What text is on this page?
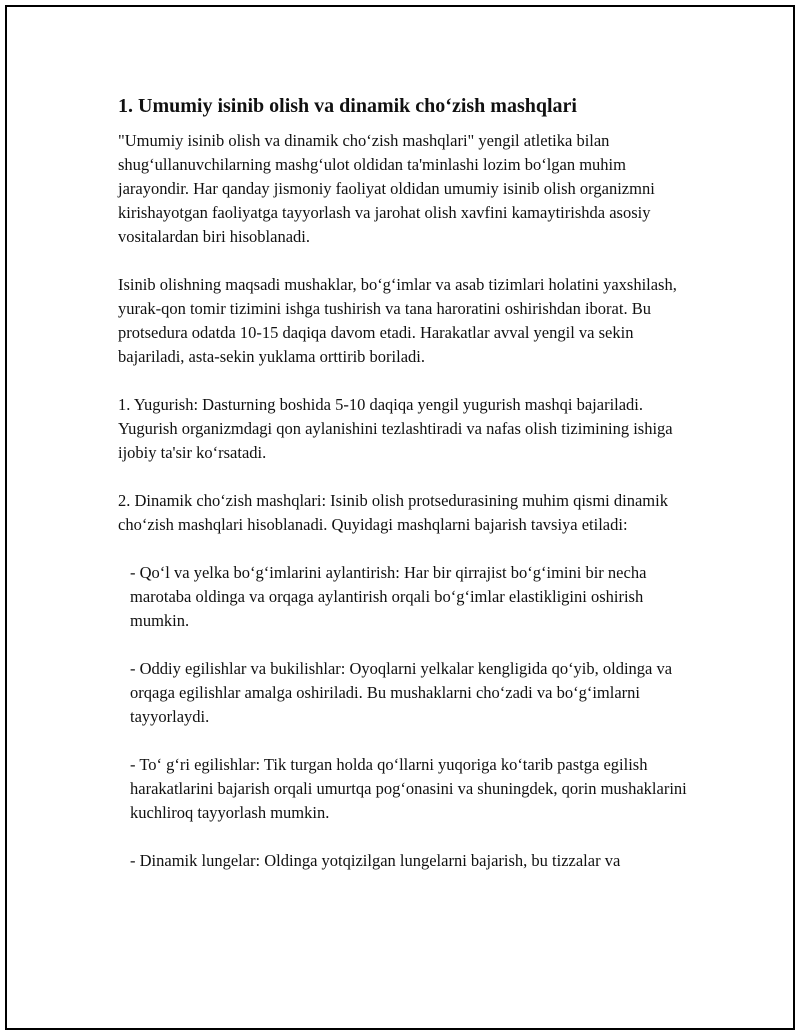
1. Umumiy isinib olish va dinamik cho‘zish mashqlari

"Umumiy isinib olish va dinamik cho‘zish mashqlari" yengil atletika bilan shug‘ullanuvchilarning mashg‘ulot oldidan ta'minlashi lozim bo‘lgan muhim jarayondir. Har qanday jismoniy faoliyat oldidan umumiy isinib olish organizmni kirishayotgan faoliyatga tayyorlash va jarohat olish xavfini kamaytirishda asosiy vositalardan biri hisoblanadi.

Isinib olishning maqsadi mushaklar, bo‘g‘imlar va asab tizimlari holatini yaxshilash, yurak-qon tomir tizimini ishga tushirish va tana haroratini oshirishdan iborat. Bu protsedura odatda 10-15 daqiqa davom etadi. Harakatlar avval yengil va sekin bajariladi, asta-sekin yuklama orttirib boriladi.

1. Yugurish: Dasturning boshida 5-10 daqiqa yengil yugurish mashqi bajariladi. Yugurish organizmdagi qon aylanishini tezlashtiradi va nafas olish tizimining ishiga ijobiy ta'sir ko‘rsatadi.

2. Dinamik cho‘zish mashqlari: Isinib olish protsedurasining muhim qismi dinamik cho‘zish mashqlari hisoblanadi. Quyidagi mashqlarni bajarish tavsiya etiladi:

- Qo‘l va yelka bo‘g‘imlarini aylantirish: Har bir qirrajist bo‘g‘imini bir necha marotaba oldinga va orqaga aylantirish orqali bo‘g‘imlar elastikligini oshirish mumkin.

- Oddiy egilishlar va bukilishlar: Oyoqlarni yelkalar kengligida qo‘yib, oldinga va orqaga egilishlar amalga oshiriladi. Bu mushaklarni cho‘zadi va bo‘g‘imlarni tayyorlaydi.

- To‘ g‘ri egilishlar: Tik turgan holda qo‘llarni yuqoriga ko‘tarib pastga egilish harakatlarini bajarish orqali umurtqa pog‘onasini va shuningdek, qorin mushaklarini kuchliroq tayyorlash mumkin.

- Dinamik lungelar: Oldinga yotqizilgan lungelarni bajarish, bu tizzalar va
